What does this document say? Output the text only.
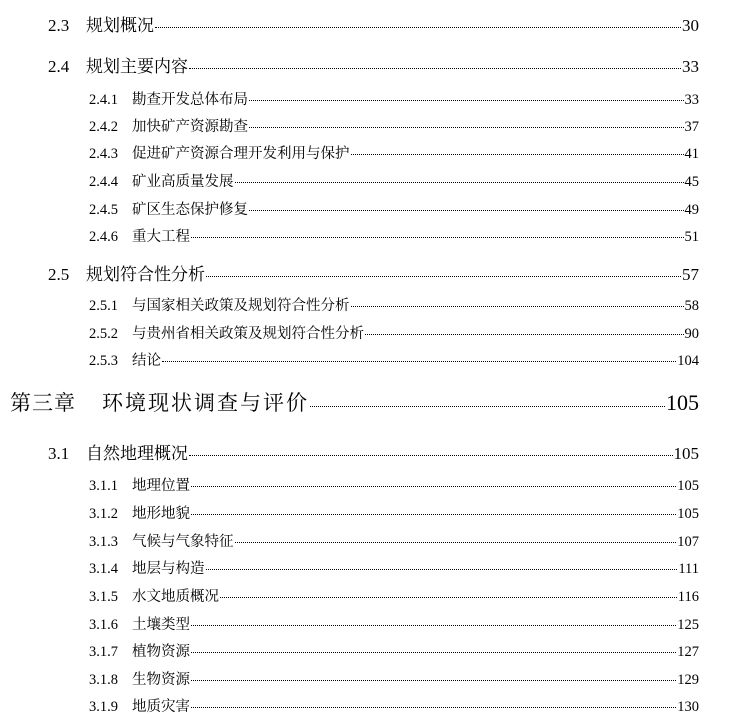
2.3 规划概况	30
2.4 规划主要内容	33
2.4.1 勘查开发总体布局	33
2.4.2 加快矿产资源勘查	37
2.4.3 促进矿产资源合理开发利用与保护	41
2.4.4 矿业高质量发展	45
2.4.5 矿区生态保护修复	49
2.4.6 重大工程	51
2.5 规划符合性分析	57
2.5.1 与国家相关政策及规划符合性分析	58
2.5.2 与贵州省相关政策及规划符合性分析	90
2.5.3 结论	104
第三章	环境现状调查与评价	105
3.1 自然地理概况	105
3.1.1 地理位置	105
3.1.2 地形地貌	105
3.1.3 气候与气象特征	107
3.1.4 地层与构造	111
3.1.5 水文地质概况	116
3.1.6 土壤类型	125
3.1.7 植物资源	127
3.1.8 生物资源	129
3.1.9 地质灾害	130
